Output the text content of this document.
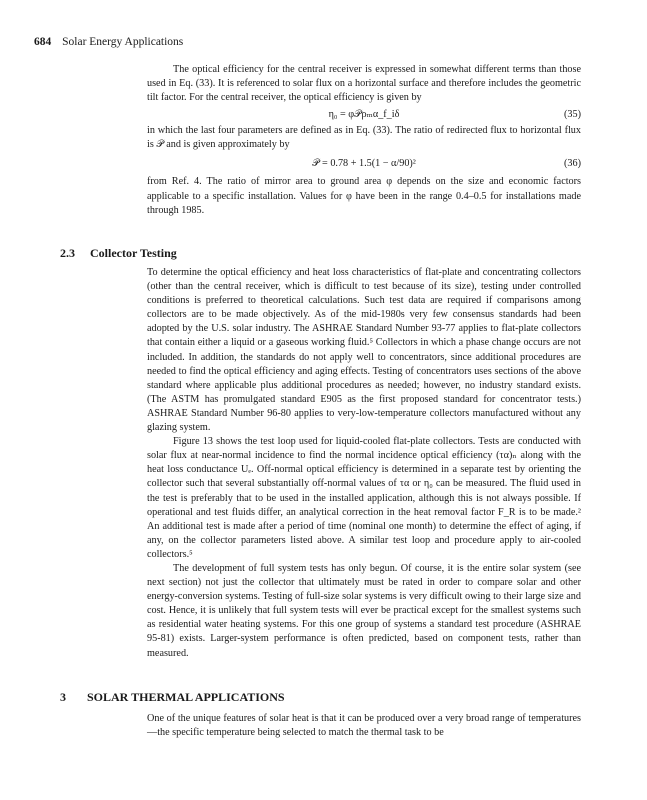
684 Solar Energy Applications

The optical efficiency for the central receiver is expressed in somewhat different terms than those used in Eq. (33). It is referenced to solar flux on a horizontal surface and therefore includes the geometric tilt factor. For the central receiver, the optical efficiency is given by

η₀ = φ𝒫ρₘα_f_iδ	(35)

in which the last four parameters are defined as in Eq. (33). The ratio of redirected flux to horizontal flux is 𝒫 and is given approximately by

𝒫 = 0.78 + 1.5(1 − α/90)²	(36)

from Ref. 4. The ratio of mirror area to ground area φ depends on the size and economic factors applicable to a specific installation. Values for φ have been in the range 0.4–0.5 for installations made through 1985.

2.3 Collector Testing

To determine the optical efficiency and heat loss characteristics of flat-plate and concentrating collectors (other than the central receiver, which is difficult to test because of its size), testing under controlled conditions is preferred to theoretical calculations. Such test data are required if comparisons among collectors are to be made objectively. As of the mid-1980s very few consensus standards had been adopted by the U.S. solar industry. The ASHRAE Standard Number 93-77 applies to flat-plate collectors that contain either a liquid or a gaseous working fluid.⁵ Collectors in which a phase change occurs are not included. In addition, the standards do not apply well to concentrators, since additional procedures are needed to find the optical efficiency and aging effects. Testing of concentrators uses sections of the above standard where applicable plus additional procedures as needed; however, no industry standard exists. (The ASTM has promulgated standard E905 as the first proposed standard for concentrator tests.) ASHRAE Standard Number 96-80 applies to very-low-temperature collectors manufactured without any glazing system.

Figure 13 shows the test loop used for liquid-cooled flat-plate collectors. Tests are conducted with solar flux at near-normal incidence to find the normal incidence optical efficiency (τα)ₙ along with the heat loss conductance Uₑ. Off-normal optical efficiency is determined in a separate test by orienting the collector such that several substantially off-normal values of τα or η₀ can be measured. The fluid used in the test is preferably that to be used in the installed application, although this is not always possible. If operational and test fluids differ, an analytical correction in the heat removal factor F_R is to be made.² An additional test is made after a period of time (nominal one month) to determine the effect of aging, if any, on the collector parameters listed above. A similar test loop and procedure apply to air-cooled collectors.⁵

The development of full system tests has only begun. Of course, it is the entire solar system (see next section) not just the collector that ultimately must be rated in order to compare solar and other energy-conversion systems. Testing of full-size solar systems is very difficult owing to their large size and cost. Hence, it is unlikely that full system tests will ever be practical except for the smallest systems such as residential water heating systems. For this one group of systems a standard test procedure (ASHRAE 95-81) exists. Larger-system performance is often predicted, based on component tests, rather than measured.

3 SOLAR THERMAL APPLICATIONS

One of the unique features of solar heat is that it can be produced over a very broad range of temperatures—the specific temperature being selected to match the thermal task to be
